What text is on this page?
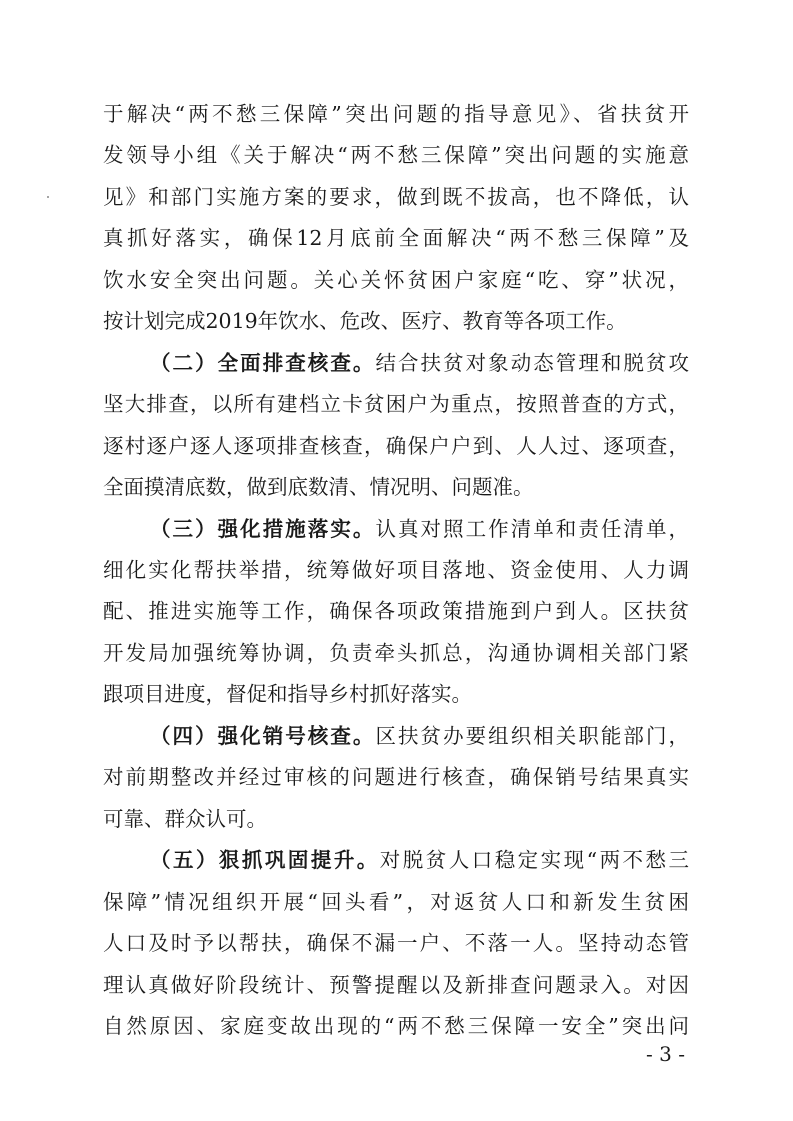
于解决“两不愁三保障”突出问题的指导意见》、省扶贫开
发领导小组《关于解决“两不愁三保障”突出问题的实施意
见》和部门实施方案的要求，做到既不拔高，也不降低，认
真抓好落实，确保12月底前全面解决“两不愁三保障”及
饮水安全突出问题。关心关怀贫困户家庭“吃、穿”状况，
按计划完成2019年饮水、危改、医疗、教育等各项工作。
（二）全面排查核查。结合扶贫对象动态管理和脱贫攻
坚大排查，以所有建档立卡贫困户为重点，按照普查的方式，
逐村逐户逐人逐项排查核查，确保户户到、人人过、逐项查，
全面摸清底数，做到底数清、情况明、问题准。
（三）强化措施落实。认真对照工作清单和责任清单，
细化实化帮扶举措，统筹做好项目落地、资金使用、人力调
配、推进实施等工作，确保各项政策措施到户到人。区扶贫
开发局加强统筹协调，负责牵头抓总，沟通协调相关部门紧
跟项目进度，督促和指导乡村抓好落实。
（四）强化销号核查。区扶贫办要组织相关职能部门，
对前期整改并经过审核的问题进行核查，确保销号结果真实
可靠、群众认可。
（五）狠抓巩固提升。对脱贫人口稳定实现“两不愁三
保障”情况组织开展“回头看”，对返贫人口和新发生贫困
人口及时予以帮扶，确保不漏一户、不落一人。坚持动态管
理认真做好阶段统计、预警提醒以及新排查问题录入。对因
自然原因、家庭变故出现的“两不愁三保障一安全”突出问
- 3 -
